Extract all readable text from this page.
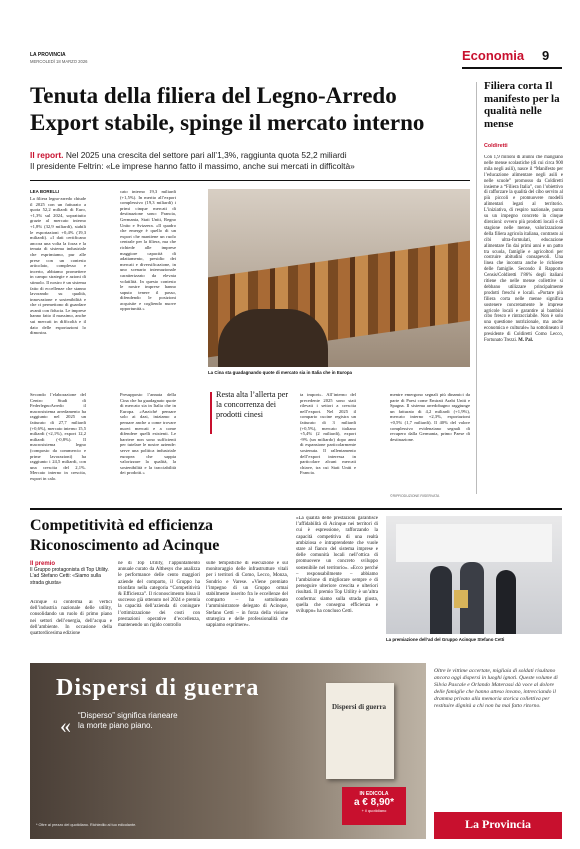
LA PROVINCIA
MERCOLEDÌ 18 MARZO 2026	Economia 9
Tenuta della filiera del Legno-Arredo
Export stabile, spinge il mercato interno
Il report. Nel 2025 una crescita del settore pari all’1,3%, raggiunta quota 52,2 miliardi
Il presidente Feltrin: «Le imprese hanno fatto il massimo, anche sui mercati in difficoltà»
LEA BORELLI
La filiera legno-arredo chiude il 2025 con un fatturato a quota 52,2 miliardi di Euro, +1,3% sul 2024, soprattutto grazie al mercato interno +1,8% (32,9 miliardi), stabili le esportazioni +0,4% (19,3 miliardi). «I dati certificano ancora una volta la forza e la tenuta di sistema industriale che esprimiamo, pur alle prese con un contesto articolato, complesso e incerto, abbiamo promettere in campo strategie e azioni di stimolo. Il nostro è un sistema fatto di eccellenze che stanno lavorando su qualità, innovazione e sostenibilità e che ci permettono di guardare avanti con fiducia. Le imprese hanno fatto il massimo, anche sui mercati in difficoltà e il dato delle esportazioni lo dimostra.
cato interno 19,3 miliardi (+1,5%). In merito all’export complessivo (19,3 miliardi) i primi cinque mercati di destinazione sono: Francia, Germania, Stati Uniti, Regno Unito e Svizzera. «Il quadro che emerge è quello di un export che mantiene un ruolo centrale per la filiera, ma che richiede alle imprese maggiore capacità di adattamento, presidio dei mercati e diversificazione, in uno scenario internazionale caratterizzato da elevata volatilità. In questo contesto le nostre imprese hanno saputo tenere il passo, difendendo le posizioni acquisite e cogliendo nuove opportunità.»
Secondo l’elaborazione del Centro Studi di FederlegnoArredo il macrosistema arredamento ha raggiunto nel 2025 un fatturato di 27,7 miliardi (+0,6%), mercato interno 15,5 miliardi (+2,1%), export 12,2 miliardi (-0,8%). Il macrosistema legno (composto da commercio e prime lavorazioni) ha raggiunto i 24,5 miliardi, con una crescita del 2,1%. Mercato interno in crescita, export in calo.
Presupposto l’annata della Cina che ha guadagnato quote di mercato sia in Italia che in Europa. «Anziché pensare solo ai dazi, iniziamo a pensare anche a come trovare nuovi mercati e a come difendere quelli esistenti. Le barriere non sono sufficienti per tutelare le nostre aziende: serve una politica industriale europea che sappia valorizzare la qualità, la sostenibilità e la tracciabilità dei prodotti.»
ta import». All’interno del precedente 2025 sono stati rilevati i settori a crescita nell’export. Nel 2025 il comparto cucine registra un fatturato di 3 miliardi (+0,5%), mercato italiano +5,4% (2 miliardi), export -9% (un miliardo) dopo anni di espansione particolarmente sostenuta. Il rallentamento dell’export interessa in particolare alcuni mercati chiave, tra cui Stati Uniti e Francia.
mentre emergono segnali più dinamici da parte di Paesi come Emirati Arabi Uniti e Spagna. Il sistema arredobagno raggiunge un fatturato di 4,2 miliardi (+1,9%), mercato interno +2,3%, esportazioni +0,5% (1,7 miliardi). Il 40% del valore complessivo evidenziano segnali di recupero dalla Germania, primo Paese di destinazione.
La Cina sta guadagnando quote di mercato sia in Italia che in Europa
Resta alta l’allerta per la concorrenza dei prodotti cinesi
©RIPRODUZIONE RISERVATA
Filiera corta Il manifesto per la qualità nelle mense
Coldiretti
Con 1,9 milioni di alunni che mangiano nelle mense scolastiche (di cui circa 900 mila negli asili), nasce il “Manifesto per l’educazione alimentare negli asili e nelle scuole” promosso da Coldiretti insieme a “Filiera Italia”, con l’obiettivo di rafforzare la qualità del cibo servito al più piccoli e promuovere modelli alimentari legati al territorio. L’iniziativa, di respiro nazionale, punta su un impegno concreto in cinque direzioni: ovvero più prodotti locali e di stagione nelle mense, valorizzazione della filiera agricola italiana, contrasto ai cibi ultra-formulati, educazione alimentare fin dai primi anni e un patto tra scuola, famiglie e agricoltori per costruire abitudini consapevoli. Una linea che incontra anche le richieste delle famiglie. Secondo il Rapporto Censis/Coldiretti l’86% degli italiani ritiene che nelle mense collettive si debbano utilizzare principalmente prodotti freschi e locali. «Portare più filiera corta nelle mense significa sostenere concretamente le imprese agricole locali e garantire ai bambini cibo fresco e rintracciabile. Non è solo una questione nutrizionale, ma anche economica e culturale» ha sottolineato il presidente di Coldiretti Como Lecco, Fortunato Trezzi. M. Pal.
Competitività ed efficienza
Riconoscimento ad Acinque
Il premio
Il Gruppo protagonista di Top Utility. L’ad Stefano Cetti: «Siamo sulla strada giusta»
Acinque si conferma ai vertici dell’industria nazionale delle utility, consolidando un ruolo di primo piano nei settori dell’energia, dell’acqua e dell’ambiente. In occasione della quattordicesima edizione
ne di Top Utility, l’appuntamento annuale curato da Althesys che analizza le performance delle cento maggiori aziende del comparto, il Gruppo ha trionfato nella categoria “Competitività & Efficienza”. Il riconoscimento bissa il successo già ottenuto nel 2024 e premia la capacità dell’azienda di coniugare l’ottimizzazione dei costi con prestazioni operative d’eccellenza, mantenendo un rigido controllo
sulle tempistiche di esecuzione e sul monitoraggio delle infrastrutture vitali per i territori di Como, Lecco, Monza, Sondrio e Varese. «Viene premiato l’impegno di un Gruppo ormai stabilmente inserito fra le eccellenze del comparto – ha sottolineato l’amministratore delegato di Acinque, Stefano Cetti – in forza della visione strategica e delle professionalità che sappiamo esprimere».
«La qualità delle prestazioni garantisce l’affidabilità di Acinque nei territori di cui è espressione, rafforzando la capacità competitiva di una realtà ambiziosa e intraprendente che vuole stare al fianco del sistema imprese e delle comunità locali nell’ottica di promuovere un concreto sviluppo sostenibile nel territorio». «Ecco perché – responsabilmente – abbiamo l’ambizione di migliorare sempre e di perseguire ulteriore crescita e ulteriori risultati. Il premio Top Utility è un’altra conferma: siamo sulla strada giusta, quella che consegna efficienza e sviluppo» ha concluso Cetti.
La premiazione dell’ad del Gruppo Acinque Stefano Cetti
Dispersi di guerra
« “Disperso” significa rianeare la morte piano piano.
Dispersi di guerra
IN EDICOLA
a € 8,90*
+ il quotidiano
* Oltre al prezzo del quotidiano. Richiedilo al tuo edicolante.
Oltre le vittime accertate, migliaia di soldati risultano ancora oggi dispersi in luoghi ignoti. Queste volume di Silvia Pascale e Orlando Materassi dà voce al dolore delle famiglie che hanno atteso invano, intrecciando il dramma privato alla memoria storica collettiva per restituire dignità a chi non ha mai fatto ritorno.
La Provincia
